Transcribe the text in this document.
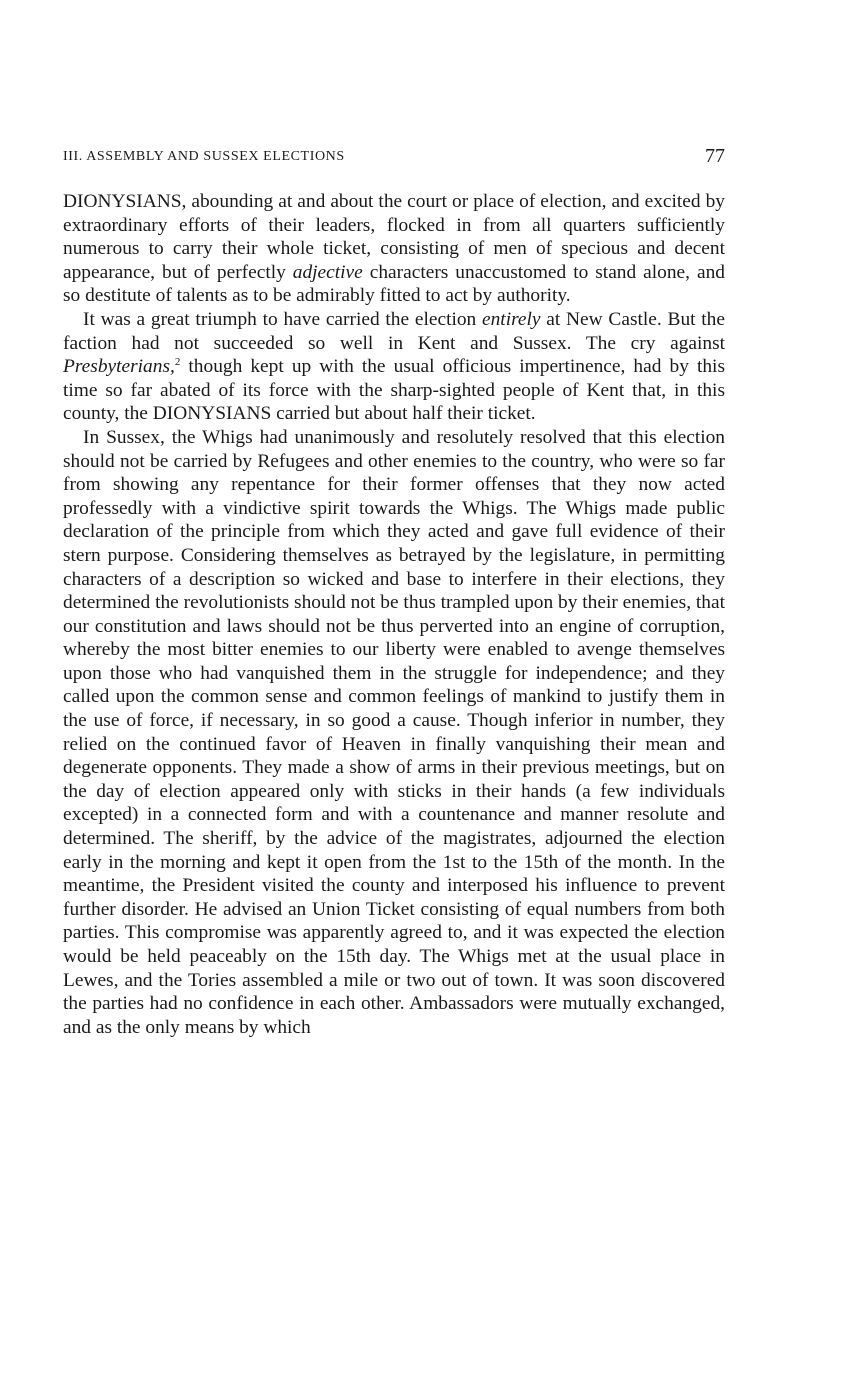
III. ASSEMBLY AND SUSSEX ELECTIONS	77

DIONYSIANS, abounding at and about the court or place of election, and excited by extraordinary efforts of their leaders, flocked in from all quarters sufficiently numerous to carry their whole ticket, consisting of men of specious and decent appearance, but of perfectly adjective characters unaccustomed to stand alone, and so destitute of talents as to be admirably fitted to act by authority.

It was a great triumph to have carried the election entirely at New Castle. But the faction had not succeeded so well in Kent and Sussex. The cry against Presbyterians,$^2$ though kept up with the usual officious impertinence, had by this time so far abated of its force with the sharp-sighted people of Kent that, in this county, the DIONYSIANS carried but about half their ticket.

In Sussex, the Whigs had unanimously and resolutely resolved that this election should not be carried by Refugees and other enemies to the country, who were so far from showing any repentance for their former offenses that they now acted professedly with a vindictive spirit towards the Whigs. The Whigs made public declaration of the principle from which they acted and gave full evidence of their stern purpose. Considering themselves as betrayed by the legislature, in permitting characters of a description so wicked and base to interfere in their elections, they determined the revolutionists should not be thus trampled upon by their enemies, that our constitution and laws should not be thus perverted into an engine of corruption, whereby the most bitter enemies to our liberty were enabled to avenge themselves upon those who had vanquished them in the struggle for independence; and they called upon the common sense and common feelings of mankind to justify them in the use of force, if necessary, in so good a cause. Though inferior in number, they relied on the continued favor of Heaven in finally vanquishing their mean and degenerate opponents. They made a show of arms in their previous meetings, but on the day of election appeared only with sticks in their hands (a few individuals excepted) in a connected form and with a countenance and manner resolute and determined. The sheriff, by the advice of the magistrates, adjourned the election early in the morning and kept it open from the 1st to the 15th of the month. In the meantime, the President visited the county and interposed his influence to prevent further disorder. He advised an Union Ticket consisting of equal numbers from both parties. This compromise was apparently agreed to, and it was expected the election would be held peaceably on the 15th day. The Whigs met at the usual place in Lewes, and the Tories assembled a mile or two out of town. It was soon discovered the parties had no confidence in each other. Ambassadors were mutually exchanged, and as the only means by which
